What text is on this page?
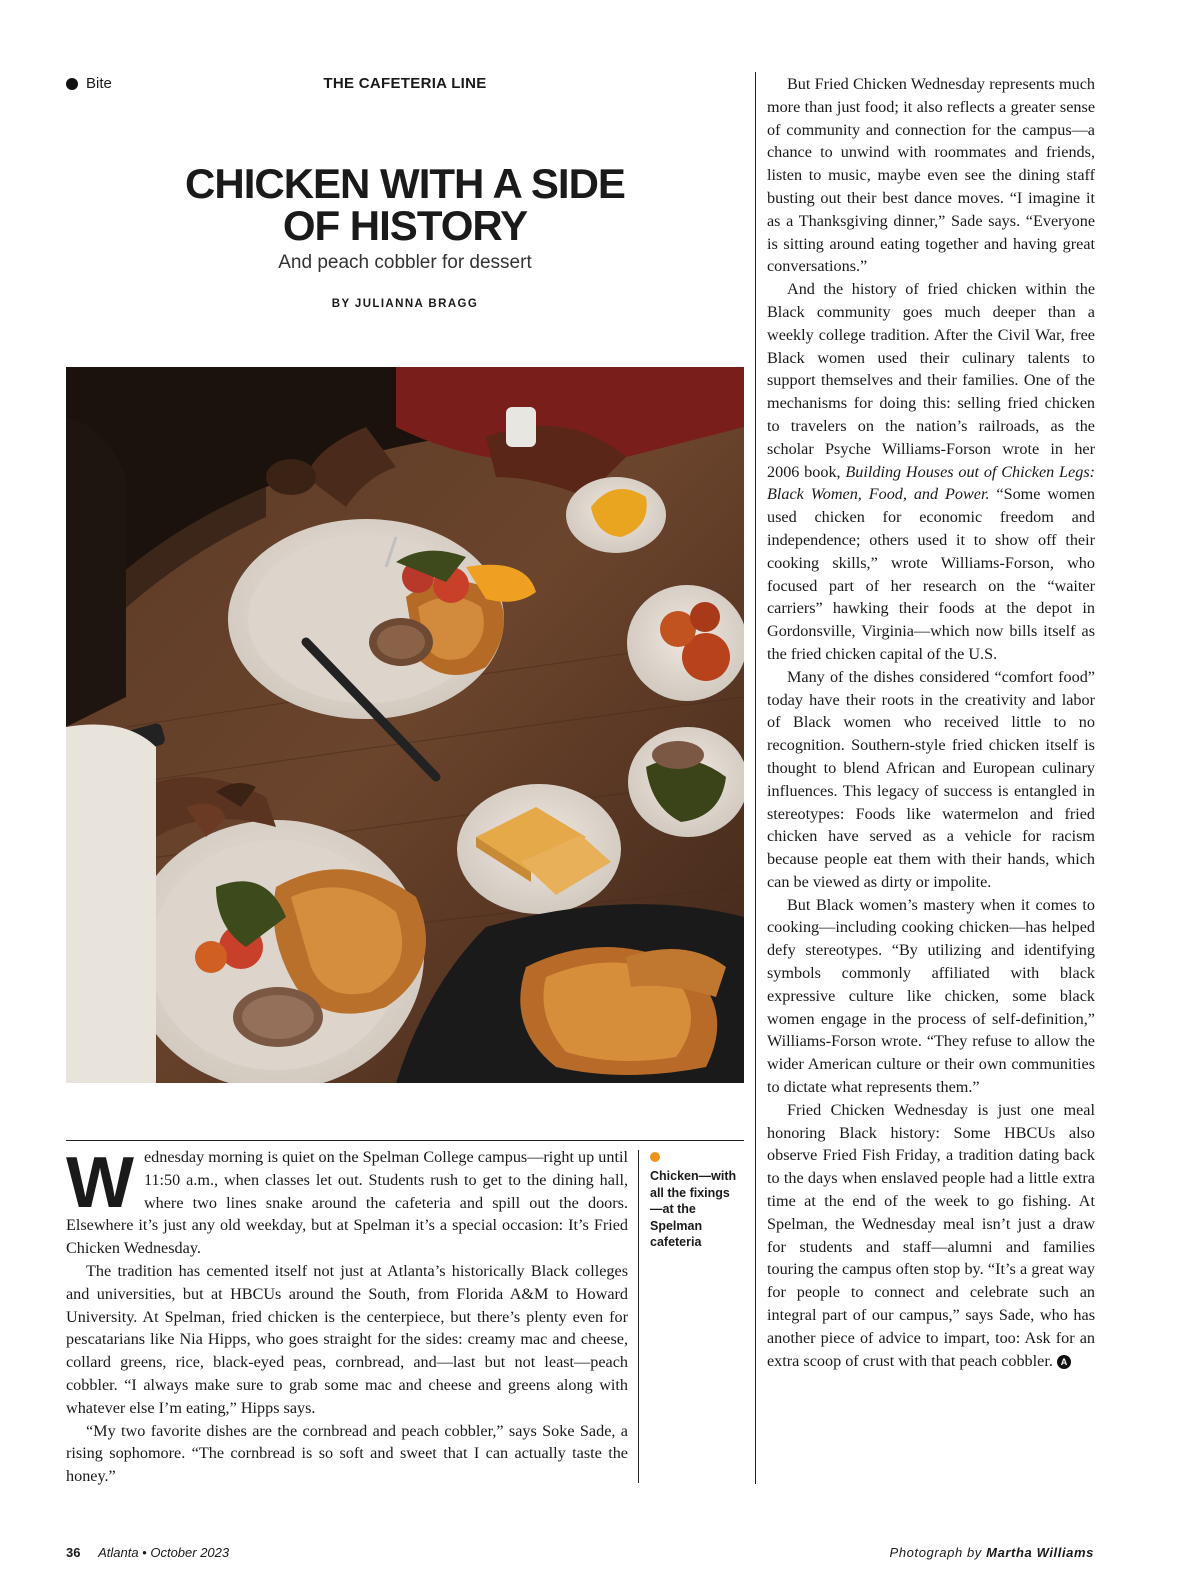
Bite	THE CAFETERIA LINE
CHICKEN WITH A SIDE
OF HISTORY
And peach cobbler for dessert
BY JULIANNA BRAGG

Wednesday morning is quiet on the Spelman College campus—right up until 11:50 a.m., when classes let out. Students rush to get to the dining hall, where two lines snake around the cafeteria and spill out the doors. Elsewhere it’s just any old weekday, but at Spelman it’s a special occasion: It’s Fried Chicken Wednesday.

The tradition has cemented itself not just at Atlanta’s historically Black colleges and universities, but at HBCUs around the South, from Florida A&M to Howard University. At Spelman, fried chicken is the centerpiece, but there’s plenty even for pescatarians like Nia Hipps, who goes straight for the sides: creamy mac and cheese, collard greens, rice, black-eyed peas, cornbread, and—last but not least—peach cobbler. “I always make sure to grab some mac and cheese and greens along with whatever else I’m eating,” Hipps says.

“My two favorite dishes are the cornbread and peach cobbler,” says Soke Sade, a rising sophomore. “The cornbread is so soft and sweet that I can actually taste the honey.”

Chicken—with all the fixings—at the Spelman cafeteria

But Fried Chicken Wednesday represents much more than just food; it also reflects a greater sense of community and connection for the campus—a chance to unwind with roommates and friends, listen to music, maybe even see the dining staff busting out their best dance moves. “I imagine it as a Thanksgiving dinner,” Sade says. “Everyone is sitting around eating together and having great conversations.”

And the history of fried chicken within the Black community goes much deeper than a weekly college tradition. After the Civil War, free Black women used their culinary talents to support themselves and their families. One of the mechanisms for doing this: selling fried chicken to travelers on the nation’s railroads, as the scholar Psyche Williams-Forson wrote in her 2006 book, Building Houses out of Chicken Legs: Black Women, Food, and Power. “Some women used chicken for economic freedom and independence; others used it to show off their cooking skills,” wrote Williams-Forson, who focused part of her research on the “waiter carriers” hawking their foods at the depot in Gordonsville, Virginia—which now bills itself as the fried chicken capital of the U.S.

Many of the dishes considered “comfort food” today have their roots in the creativity and labor of Black women who received little to no recognition. Southern-style fried chicken itself is thought to blend African and European culinary influences. This legacy of success is entangled in stereotypes: Foods like watermelon and fried chicken have served as a vehicle for racism because people eat them with their hands, which can be viewed as dirty or impolite.

But Black women’s mastery when it comes to cooking—including cooking chicken—has helped defy stereotypes. “By utilizing and identifying symbols commonly affiliated with black expressive culture like chicken, some black women engage in the process of self-definition,” Williams-Forson wrote. “They refuse to allow the wider American culture or their own communities to dictate what represents them.”

Fried Chicken Wednesday is just one meal honoring Black history: Some HBCUs also observe Fried Fish Friday, a tradition dating back to the days when enslaved people had a little extra time at the end of the week to go fishing. At Spelman, the Wednesday meal isn’t just a draw for students and staff—alumni and families touring the campus often stop by. “It’s a great way for people to connect and celebrate such an integral part of our campus,” says Sade, who has another piece of advice to impart, too: Ask for an extra scoop of crust with that peach cobbler. A

36 Atlanta • October 2023	Photograph by Martha Williams
